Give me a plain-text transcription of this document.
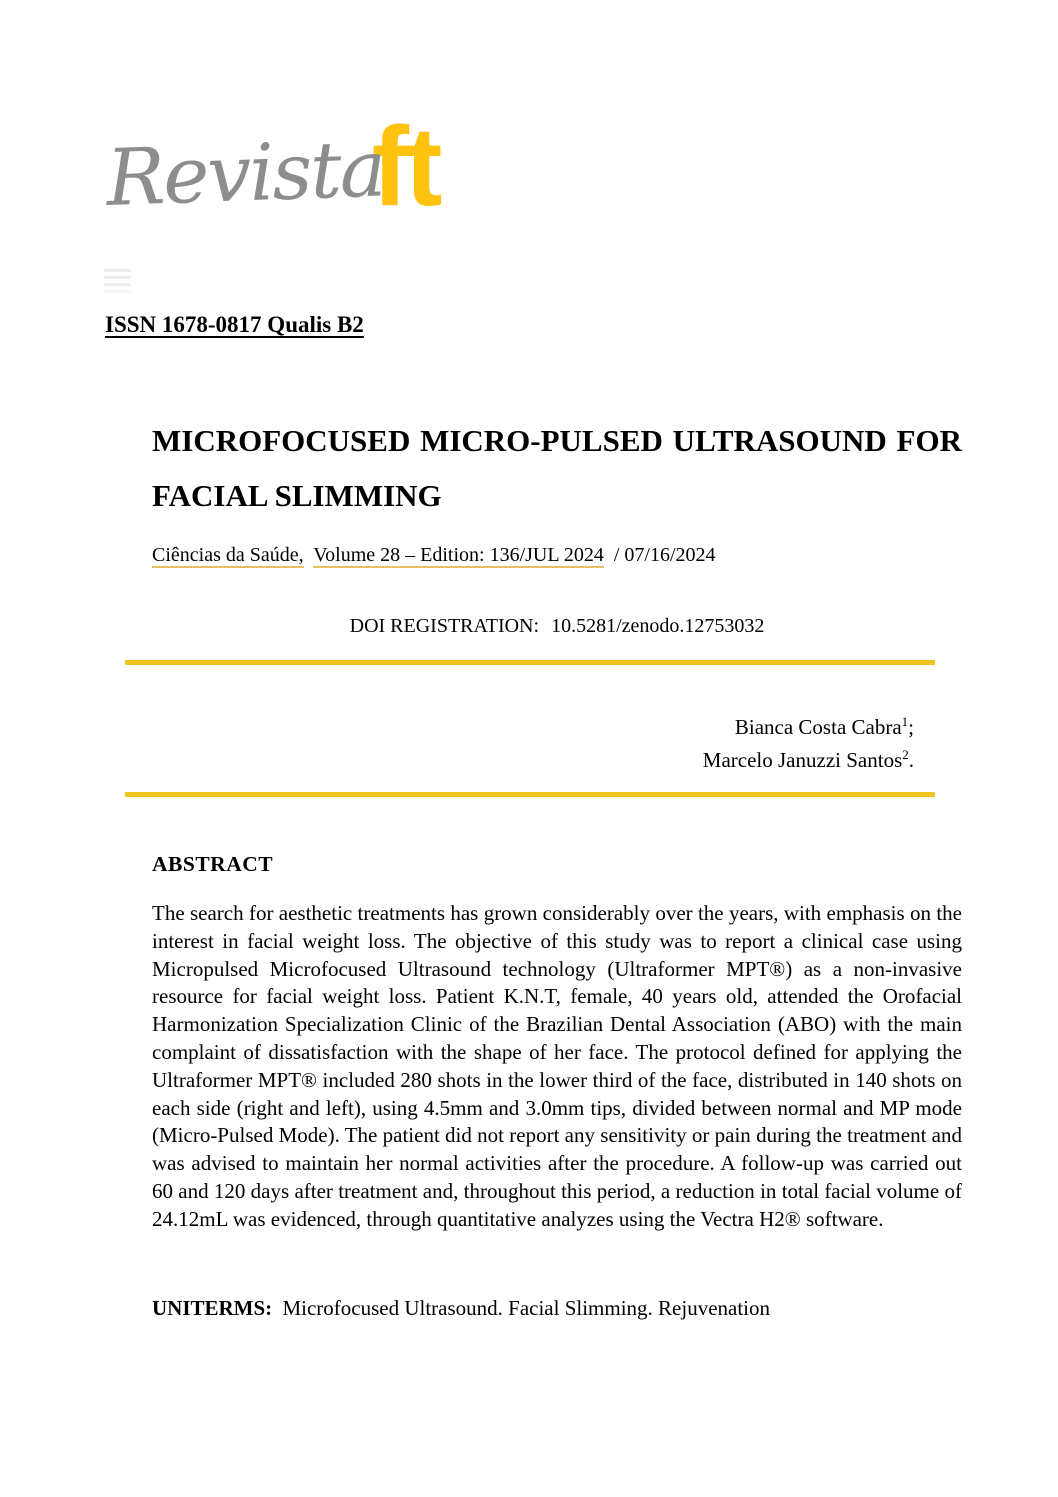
Revista
ft
ISSN 1678-0817 Qualis B2
MICROFOCUSED MICRO-PULSED ULTRASOUND FOR
FACIAL SLIMMING
Ciências da Saúde, Volume 28 – Edition: 136/JUL 2024 / 07/16/2024
DOI REGISTRATION: 10.5281/zenodo.12753032
Bianca Costa Cabra$^1$;
Marcelo Januzzi Santos$^2$.
ABSTRACT

The search for aesthetic treatments has grown considerably over the years, with emphasis on the interest in facial weight loss. The objective of this study was to report a clinical case using Micropulsed Microfocused Ultrasound technology (Ultraformer MPT®) as a non-invasive resource for facial weight loss. Patient K.N.T, female, 40 years old, attended the Orofacial Harmonization Specialization Clinic of the Brazilian Dental Association (ABO) with the main complaint of dissatisfaction with the shape of her face. The protocol defined for applying the Ultraformer MPT® included 280 shots in the lower third of the face, distributed in 140 shots on each side (right and left), using 4.5mm and 3.0mm tips, divided between normal and MP mode (Micro-Pulsed Mode). The patient did not report any sensitivity or pain during the treatment and was advised to maintain her normal activities after the procedure. A follow-up was carried out 60 and 120 days after treatment and, throughout this period, a reduction in total facial volume of 24.12mL was evidenced, through quantitative analyzes using the Vectra H2® software.

UNITERMS: Microfocused Ultrasound. Facial Slimming. Rejuvenation
